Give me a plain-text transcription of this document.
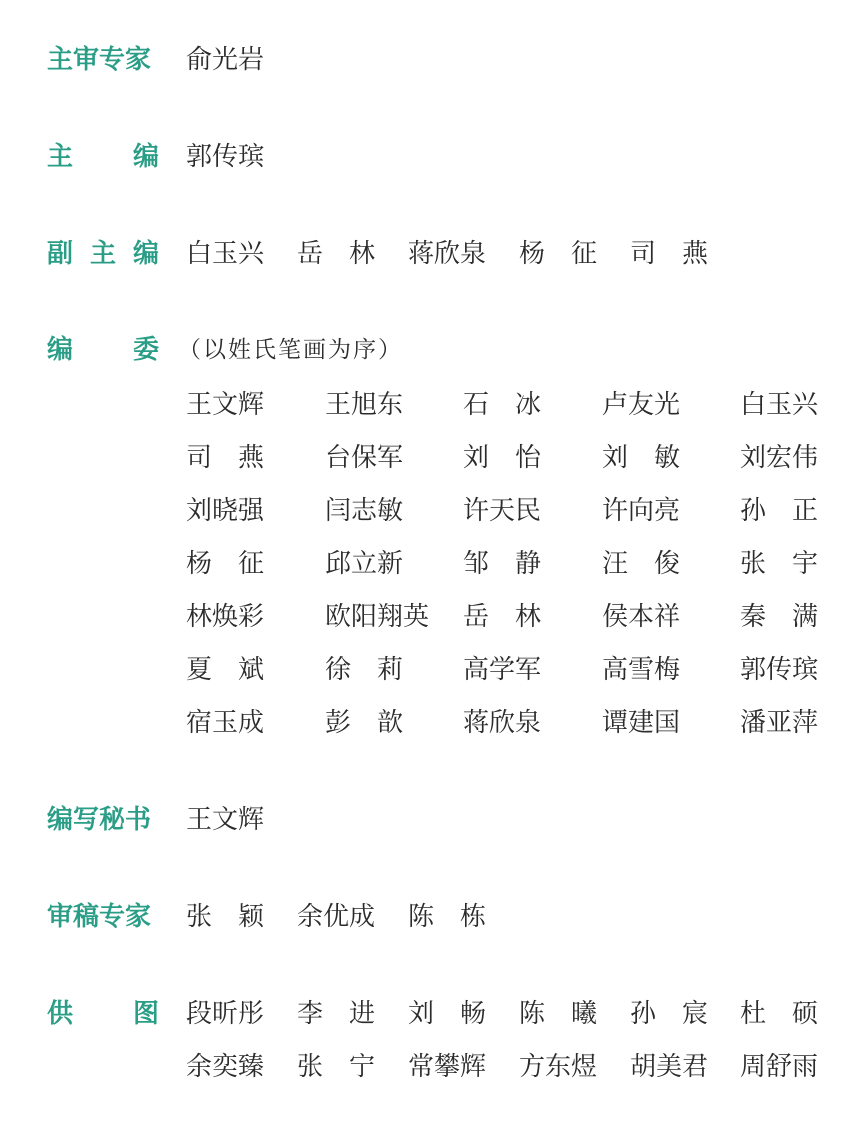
主审专家	俞光岩
主 编 郭传瑸
副 主 编 白玉兴 岳　林 蒋欣泉 杨　征 司　燕
编 委 （以姓氏笔画为序）
王文辉 王旭东 石　冰 卢友光 白玉兴
司　燕 台保军 刘　怡 刘　敏 刘宏伟
刘晓强 闫志敏 许天民 许向亮 孙　正
杨　征 邱立新 邹　静 汪　俊 张　宇
林焕彩 欧阳翔英 岳　林 侯本祥 秦　满
夏　斌 徐　莉 高学军 高雪梅 郭传瑸
宿玉成 彭　歆 蒋欣泉 谭建国 潘亚萍
编写秘书	王文辉
审稿专家	张　颖 余优成 陈　栋
供 图 段昕彤 李　进 刘　畅 陈　曦 孙　宸 杜　硕
余奕臻 张　宁 常攀辉 方东煜 胡美君 周舒雨
